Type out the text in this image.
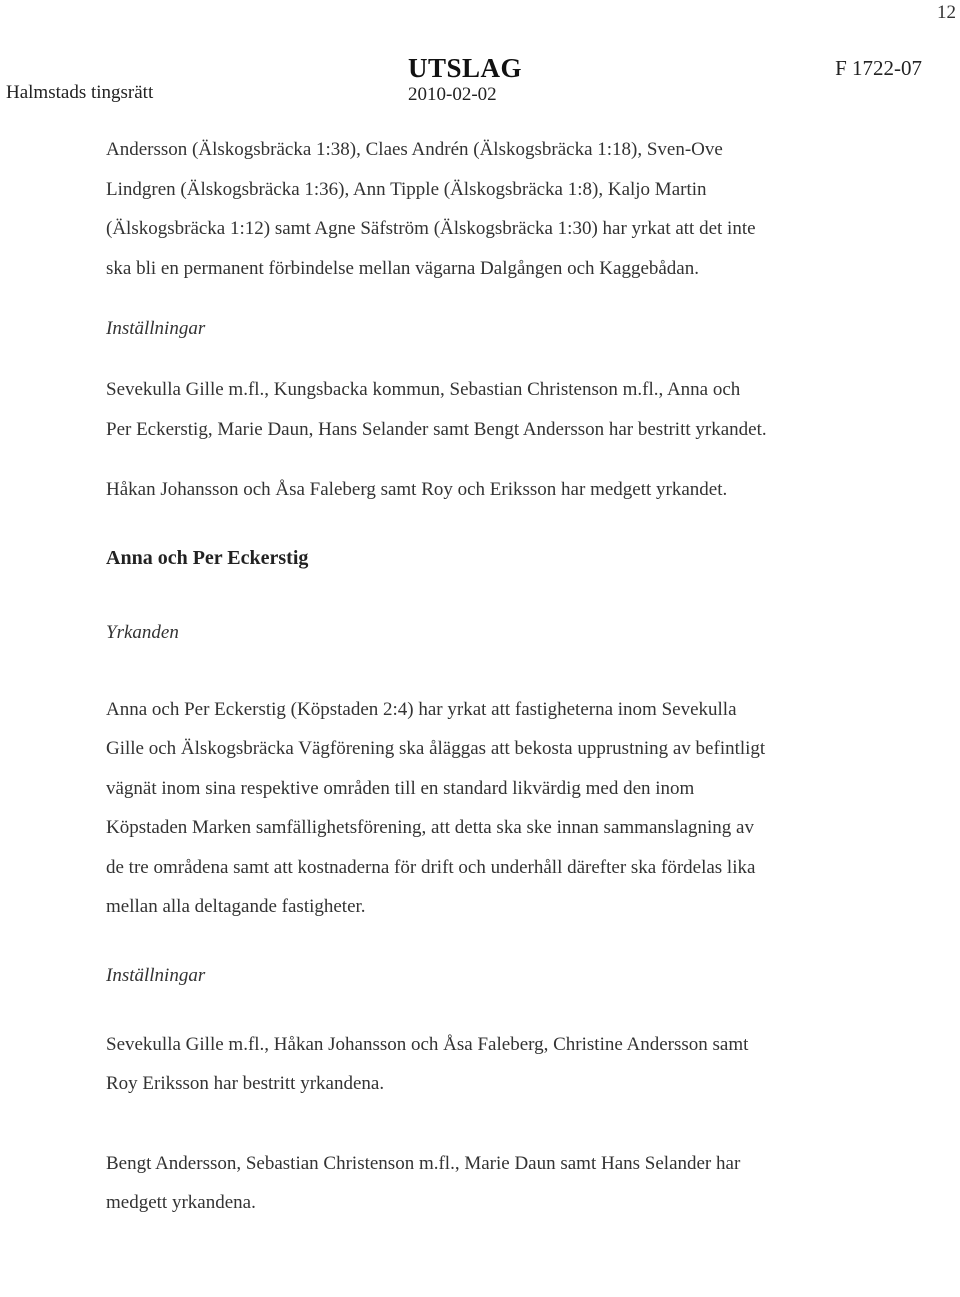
12
Halmstads tingsrätt
UTSLAG
2010-02-02
F 1722-07

Andersson (Älskogsbräcka 1:38), Claes Andrén (Älskogsbräcka 1:18), Sven-Ove

Lindgren (Älskogsbräcka 1:36), Ann Tipple (Älskogsbräcka 1:8), Kaljo Martin

(Älskogsbräcka 1:12) samt Agne Säfström (Älskogsbräcka 1:30) har yrkat att det inte

ska bli en permanent förbindelse mellan vägarna Dalgången och Kaggebådan.

Inställningar

Sevekulla Gille m.fl., Kungsbacka kommun, Sebastian Christenson m.fl., Anna och

Per Eckerstig, Marie Daun, Hans Selander samt Bengt Andersson har bestritt yrkandet.

Håkan Johansson och Åsa Faleberg samt Roy och Eriksson har medgett yrkandet.

Anna och Per Eckerstig

Yrkanden

Anna och Per Eckerstig (Köpstaden 2:4) har yrkat att fastigheterna inom Sevekulla

Gille och Älskogsbräcka Vägförening ska åläggas att bekosta upprustning av befintligt

vägnät inom sina respektive områden till en standard likvärdig med den inom

Köpstaden Marken samfällighetsförening, att detta ska ske innan sammanslagning av

de tre områdena samt att kostnaderna för drift och underhåll därefter ska fördelas lika

mellan alla deltagande fastigheter.

Inställningar

Sevekulla Gille m.fl., Håkan Johansson och Åsa Faleberg, Christine Andersson samt

Roy Eriksson har bestritt yrkandena.

Bengt Andersson, Sebastian Christenson m.fl., Marie Daun samt Hans Selander har

medgett yrkandena.
